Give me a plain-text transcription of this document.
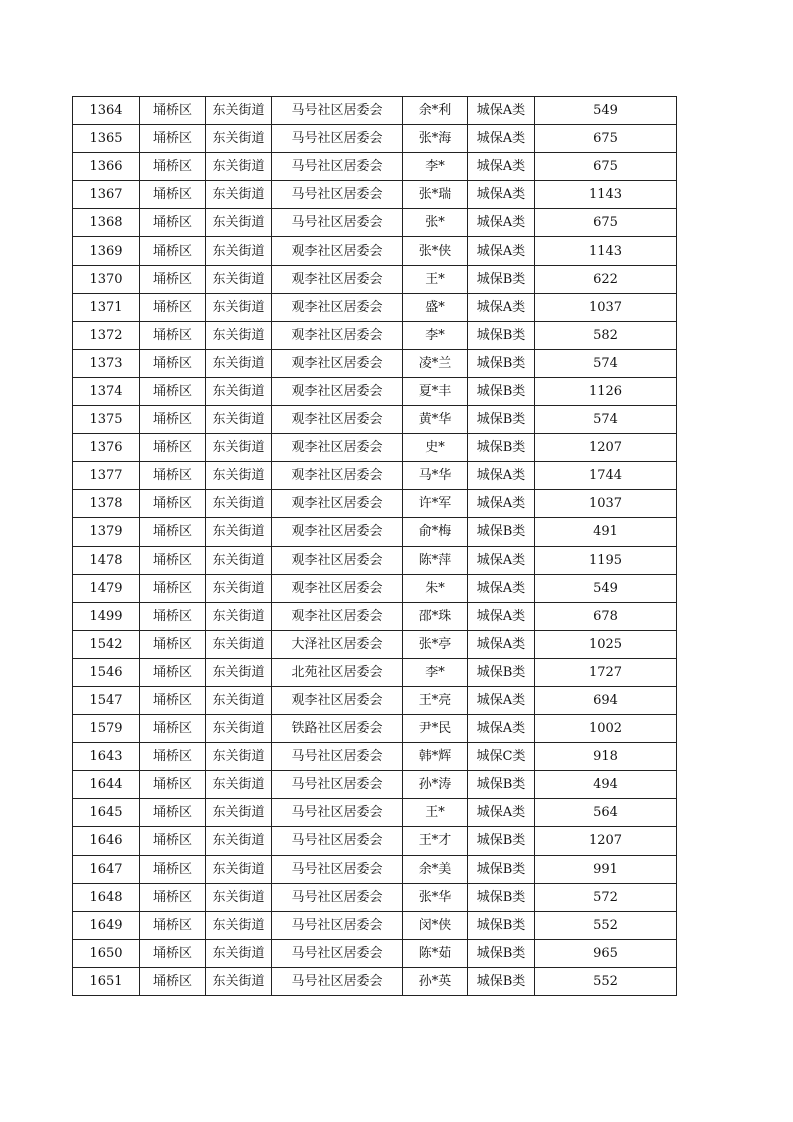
1364	埇桥区	东关街道	马号社区居委会	余*利	城保A类	549
1365	埇桥区	东关街道	马号社区居委会	张*海	城保A类	675
1366	埇桥区	东关街道	马号社区居委会	李*	城保A类	675
1367	埇桥区	东关街道	马号社区居委会	张*瑞	城保A类	1143
1368	埇桥区	东关街道	马号社区居委会	张*	城保A类	675
1369	埇桥区	东关街道	观李社区居委会	张*侠	城保A类	1143
1370	埇桥区	东关街道	观李社区居委会	王*	城保B类	622
1371	埇桥区	东关街道	观李社区居委会	盛*	城保A类	1037
1372	埇桥区	东关街道	观李社区居委会	李*	城保B类	582
1373	埇桥区	东关街道	观李社区居委会	凌*兰	城保B类	574
1374	埇桥区	东关街道	观李社区居委会	夏*丰	城保B类	1126
1375	埇桥区	东关街道	观李社区居委会	黄*华	城保B类	574
1376	埇桥区	东关街道	观李社区居委会	史*	城保B类	1207
1377	埇桥区	东关街道	观李社区居委会	马*华	城保A类	1744
1378	埇桥区	东关街道	观李社区居委会	许*军	城保A类	1037
1379	埇桥区	东关街道	观李社区居委会	俞*梅	城保B类	491
1478	埇桥区	东关街道	观李社区居委会	陈*萍	城保A类	1195
1479	埇桥区	东关街道	观李社区居委会	朱*	城保A类	549
1499	埇桥区	东关街道	观李社区居委会	邵*珠	城保A类	678
1542	埇桥区	东关街道	大泽社区居委会	张*亭	城保A类	1025
1546	埇桥区	东关街道	北苑社区居委会	李*	城保B类	1727
1547	埇桥区	东关街道	观李社区居委会	王*亮	城保A类	694
1579	埇桥区	东关街道	铁路社区居委会	尹*民	城保A类	1002
1643	埇桥区	东关街道	马号社区居委会	韩*辉	城保C类	918
1644	埇桥区	东关街道	马号社区居委会	孙*涛	城保B类	494
1645	埇桥区	东关街道	马号社区居委会	王*	城保A类	564
1646	埇桥区	东关街道	马号社区居委会	王*才	城保B类	1207
1647	埇桥区	东关街道	马号社区居委会	余*美	城保B类	991
1648	埇桥区	东关街道	马号社区居委会	张*华	城保B类	572
1649	埇桥区	东关街道	马号社区居委会	闵*侠	城保B类	552
1650	埇桥区	东关街道	马号社区居委会	陈*茹	城保B类	965
1651	埇桥区	东关街道	马号社区居委会	孙*英	城保B类	552
